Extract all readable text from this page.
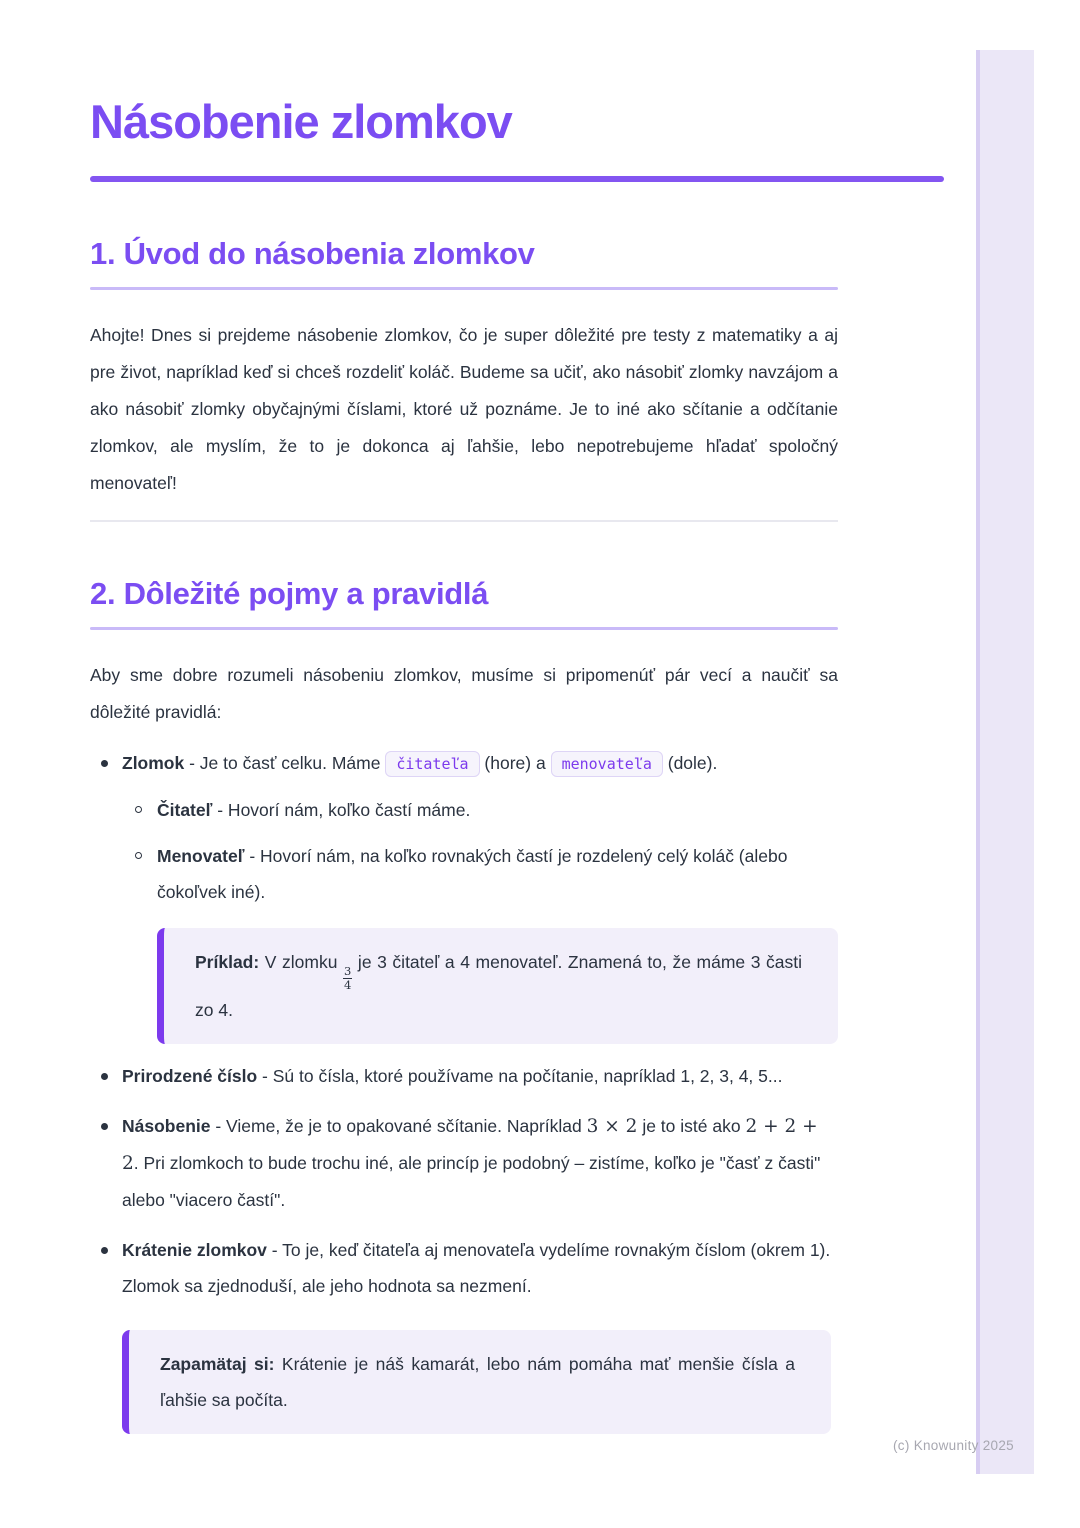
(c) Knowunity 2025
Násobenie zlomkov
1. Úvod do násobenia zlomkov

Ahojte! Dnes si prejdeme násobenie zlomkov, čo je super dôležité pre testy z matematiky a aj pre život, napríklad keď si chceš rozdeliť koláč. Budeme sa učiť, ako násobiť zlomky navzájom a ako násobiť zlomky obyčajnými číslami, ktoré už poznáme. Je to iné ako sčítanie a odčítanie zlomkov, ale myslím, že to je dokonca aj ľahšie, lebo nepotrebujeme hľadať spoločný menovateľ!

2. Dôležité pojmy a pravidlá

Aby sme dobre rozumeli násobeniu zlomkov, musíme si pripomenúť pár vecí a naučiť sa dôležité pravidlá:

Zlomok - Je to časť celku. Máme čitateľa (hore) a menovateľa (dole).
Čitateľ - Hovorí nám, koľko častí máme.
Menovateľ - Hovorí nám, na koľko rovnakých častí je rozdelený celý koláč (alebo čokoľvek iné).
Príklad: V zlomku
$\frac{3}{4}$
je 3 čitateľ a 4 menovateľ. Znamená to, že máme 3 časti zo 4.
Prirodzené číslo - Sú to čísla, ktoré používame na počítanie, napríklad 1, 2, 3, 4, 5...
Násobenie - Vieme, že je to opakované sčítanie. Napríklad 3 × 2 je to isté ako 2 + 2 + 2. Pri zlomkoch to bude trochu iné, ale princíp je podobný – zistíme, koľko je "časť z časti" alebo "viacero častí".
Krátenie zlomkov - To je, keď čitateľa aj menovateľa vydelíme rovnakým číslom (okrem 1). Zlomok sa zjednoduší, ale jeho hodnota sa nezmení.
Zapamätaj si: Krátenie je náš kamarát, lebo nám pomáha mať menšie čísla a ľahšie sa počíta.
